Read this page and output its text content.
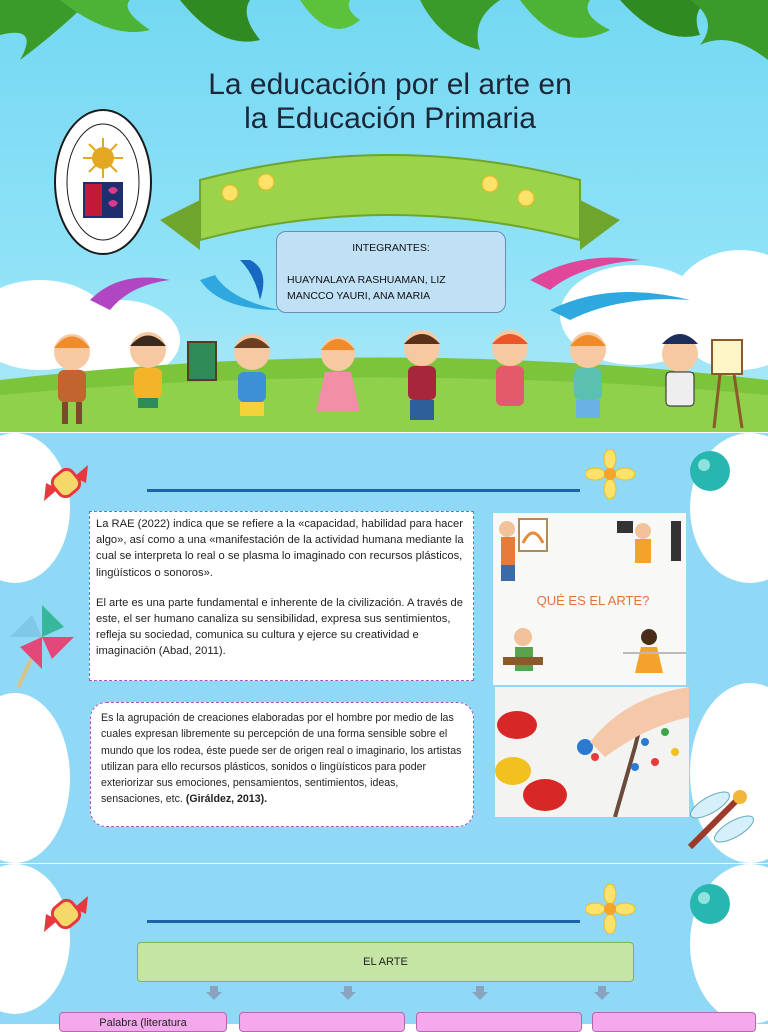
La educación por el arte en
la Educación Primaria
INTEGRANTES:
HUAYNALAYA RASHUAMAN, LIZ
MANCCO YAURI, ANA MARIA

La RAE (2022) indica que se refiere a la «capacidad, habilidad para hacer algo», así como a una «manifestación de la actividad humana mediante la cual se interpreta lo real o se plasma lo imaginado con recursos plásticos, lingüísticos o sonoros».

El arte es una parte fundamental e inherente de la civilización. A través de este, el ser humano canaliza su sensibilidad, expresa sus sentimientos, refleja su sociedad, comunica su cultura y ejerce su creatividad e imaginación (Abad, 2011).

Es la agrupación de creaciones elaboradas por el hombre por medio de las cuales expresan libremente su percepción de una forma sensible sobre el mundo que los rodea, éste puede ser de origen real o imaginario, los artistas utilizan para ello recursos plásticos, sonidos o lingüísticos para poder exteriorizar sus emociones, pensamientos, sentimientos, ideas, sensaciones, etc. (Giráldez, 2013).
QUÉ ES EL ARTE?
EL ARTE
Palabra (literatura
